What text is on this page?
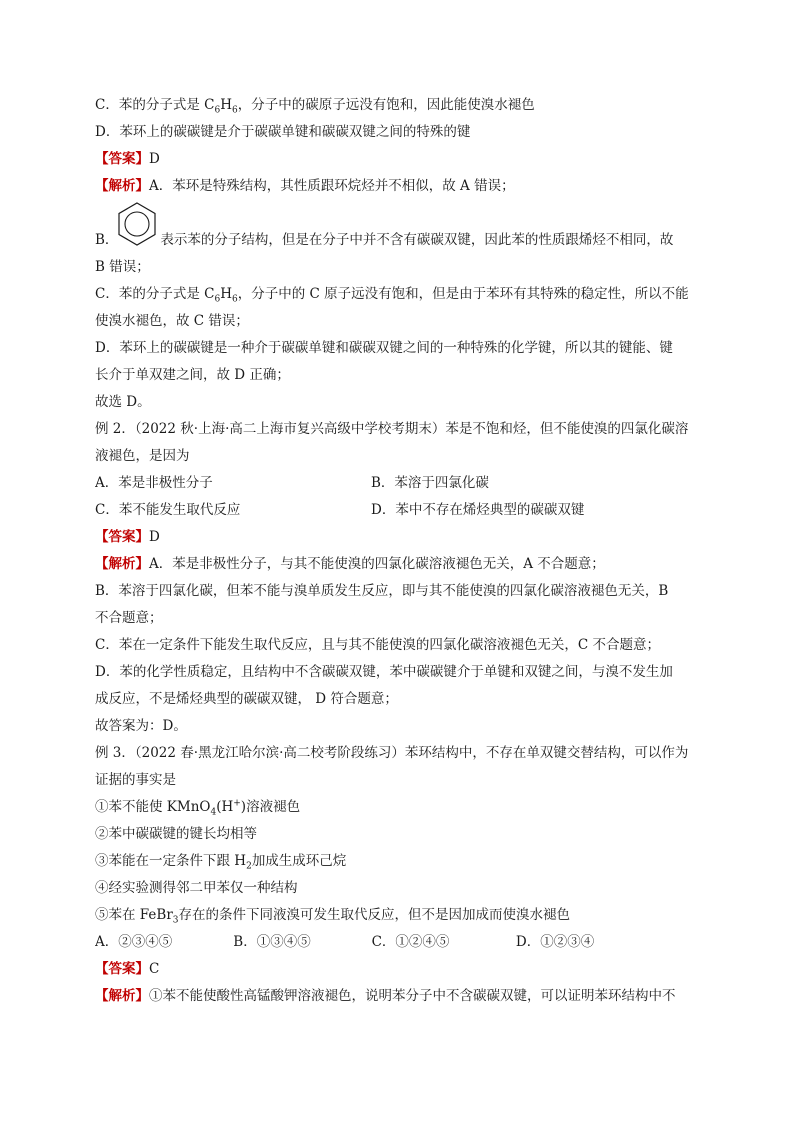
C．苯的分子式是 $C_6H_6$，分子中的碳原子远没有饱和，因此能使溴水褪色
D．苯环上的碳碳键是介于碳碳单键和碳碳双键之间的特殊的键
【答案】D
【解析】A．苯环是特殊结构，其性质跟环烷烃并不相似，故 A 错误；
B．	表示苯的分子结构，但是在分子中并不含有碳碳双键，因此苯的性质跟烯烃不相同，故
B 错误；
C．苯的分子式是 $C_6H_6$，分子中的 C 原子远没有饱和，但是由于苯环有其特殊的稳定性，所以不能
使溴水褪色，故 C 错误；
D．苯环上的碳碳键是一种介于碳碳单键和碳碳双键之间的一种特殊的化学键，所以其的键能、键
长介于单双建之间，故 D 正确；
故选 D。
例 2．（2022 秋·上海·高二上海市复兴高级中学校考期末）苯是不饱和烃，但不能使溴的四氯化碳溶
液褪色，是因为
A．苯是非极性分子	B．苯溶于四氯化碳
C．苯不能发生取代反应	D．苯中不存在烯烃典型的碳碳双键
【答案】D
【解析】A．苯是非极性分子，与其不能使溴的四氯化碳溶液褪色无关，A 不合题意；
B．苯溶于四氯化碳，但苯不能与溴单质发生反应，即与其不能使溴的四氯化碳溶液褪色无关，B
不合题意；
C．苯在一定条件下能发生取代反应，且与其不能使溴的四氯化碳溶液褪色无关，C 不合题意；
D．苯的化学性质稳定，且结构中不含碳碳双键，苯中碳碳键介于单键和双键之间，与溴不发生加
成反应，不是烯烃典型的碳碳双键， D 符合题意；
故答案为：D。
例 3．（2022 春·黑龙江哈尔滨·高二校考阶段练习）苯环结构中，不存在单双键交替结构，可以作为
证据的事实是
①苯不能使 KMnO$_4$(H+)溶液褪色
②苯中碳碳键的键长均相等
③苯能在一定条件下跟 $H_2$加成生成环己烷
④经实验测得邻二甲苯仅一种结构
⑤苯在 FeBr$_3$存在的条件下同液溴可发生取代反应，但不是因加成而使溴水褪色
A．②③④⑤	B．①③④⑤	C．①②④⑤	D．①②③④
【答案】C
【解析】①苯不能使酸性高锰酸钾溶液褪色，说明苯分子中不含碳碳双键，可以证明苯环结构中不
